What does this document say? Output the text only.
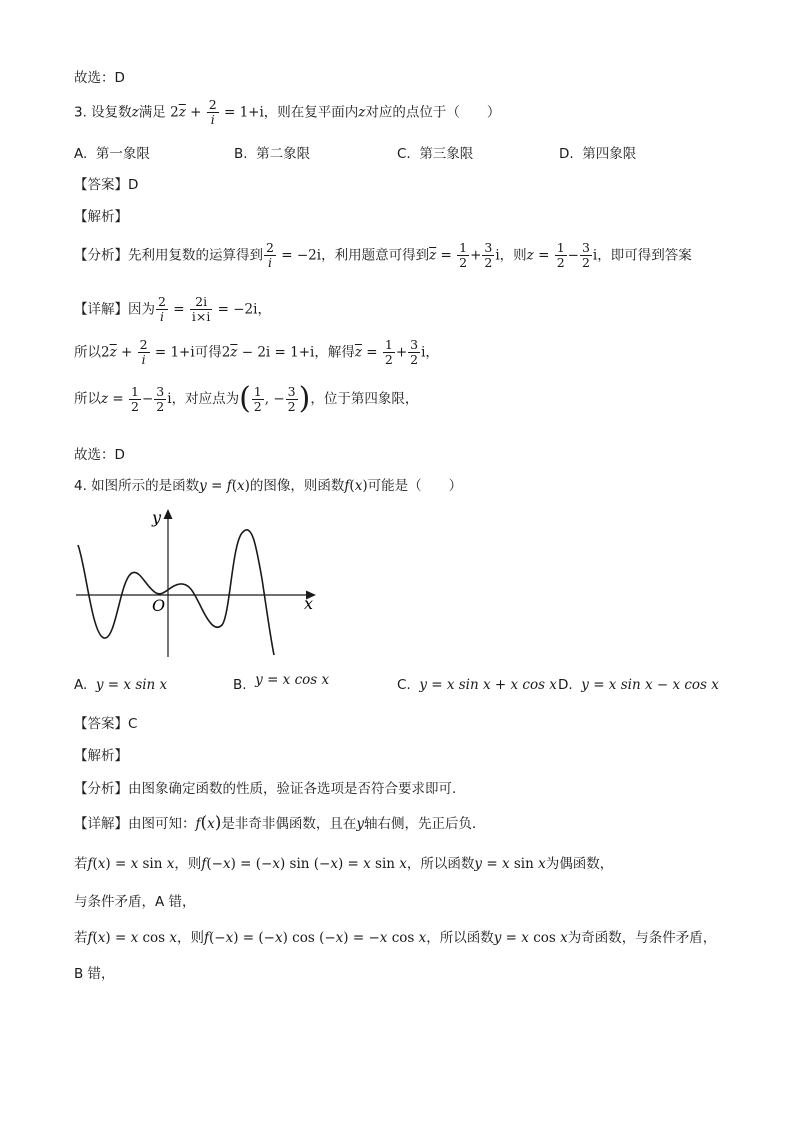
故选：D
3. 设复数z满足 $2\overline{z} + \frac{2}{i} = 1+i$，则在复平面内z对应的点位于（　　）
A. 第一象限	B. 第二象限	C. 第三象限	D. 第四象限
【答案】D
【解析】
【分析】先利用复数的运算得到 $\frac{2}{i} = -2i$，利用题意可得到$\overline{z} = \frac{1}{2} + \frac{3}{2}$ i，则$z = \frac{1}{2} - \frac{3}{2}$ i，即可得到答案
【详解】因为 $\frac{2}{i} = \frac{2i}{i\times i} = -2i$，
所以$2\overline{z} + \frac{2}{i} = 1+i$可得$2\overline{z} - 2i = 1+i$，解得$\overline{z} = \frac{1}{2} + \frac{3}{2}$ i，
所以$z = \frac{1}{2} - \frac{3}{2}$ i，对应点为( $\frac{1}{2}$ , − $\frac{3}{2}$ )，位于第四象限，
故选：D
4. 如图所示的是函数y = f(x)的图像，则函数f(x)可能是（　　）
y
x
O
A. y = x sin x	B. y = x cos x	C. y = x sin x + x cos x D. y = x sin x − x cos x
【答案】C
【解析】
【分析】由图象确定函数的性质，验证各选项是否符合要求即可.
【详解】由图可知：f(x)是非奇非偶函数，且在y轴右侧，先正后负．
若f(x) = x sin x，则f(−x) = (−x) sin (−x) = x sin x，所以函数y = x sin x为偶函数，
与条件矛盾，A 错，
若f(x) = x cos x，则f(−x) = (−x) cos (−x) = −x cos x，所以函数y = x cos x为奇函数，与条件矛盾，
B 错，
